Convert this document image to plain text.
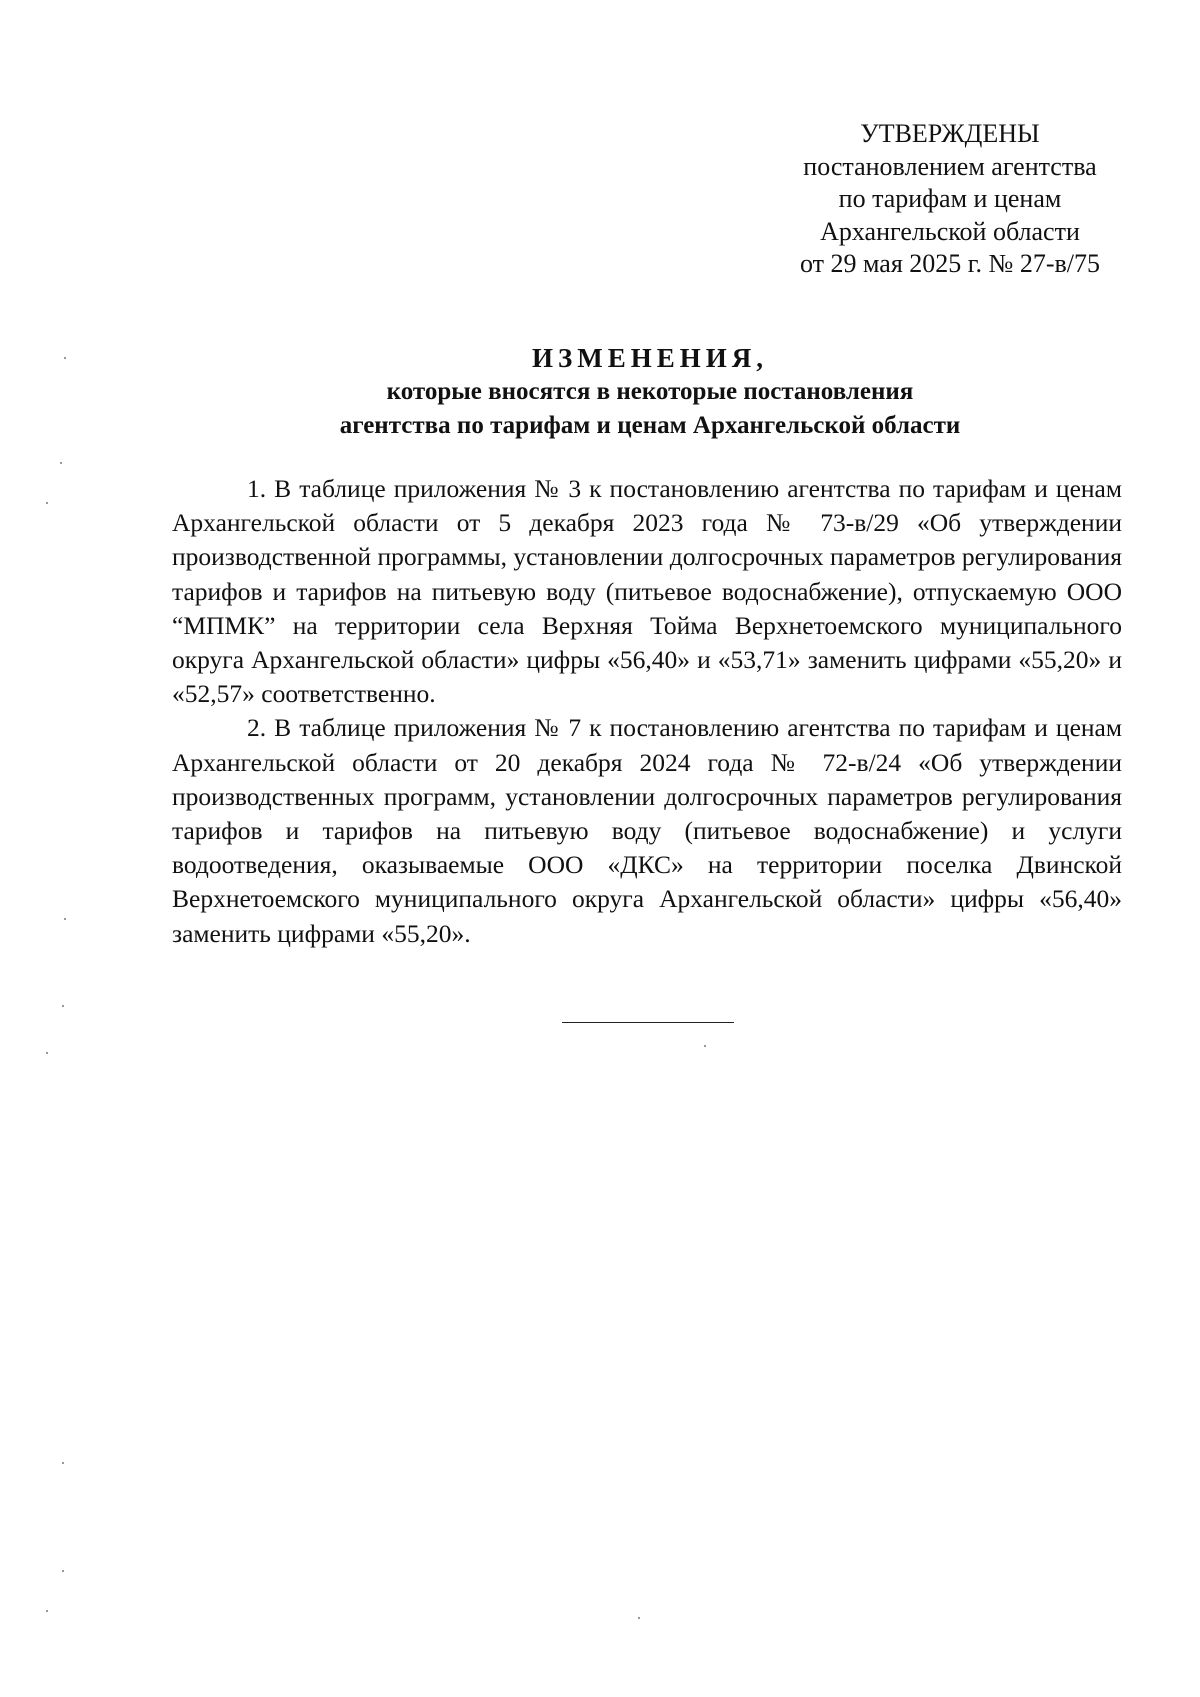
УТВЕРЖДЕНЫ
постановлением агентства
по тарифам и ценам
Архангельской области
от 29 мая 2025 г. № 27-в/75
ИЗМЕНЕНИЯ,
которые вносятся в некоторые постановления
агентства по тарифам и ценам Архангельской области

1. В таблице приложения № 3 к постановлению агентства по тарифам и ценам Архангельской области от 5 декабря 2023 года № 73-в/29 «Об утверждении производственной программы, установлении долгосрочных параметров регулирования тарифов и тарифов на питьевую воду (питьевое водоснабжение), отпускаемую ООО “МПМК” на территории села Верхняя Тойма Верхнетоемского муниципального округа Архангельской области» цифры «56,40» и «53,71» заменить цифрами «55,20» и «52,57» соответственно.

2. В таблице приложения № 7 к постановлению агентства по тарифам и ценам Архангельской области от 20 декабря 2024 года № 72-в/24 «Об утверждении производственных программ, установлении долгосрочных параметров регулирования тарифов и тарифов на питьевую воду (питьевое водоснабжение) и услуги водоотведения, оказываемые ООО «ДКС» на территории поселка Двинской Верхнетоемского муниципального округа Архангельской области» цифры «56,40» заменить цифрами «55,20».
